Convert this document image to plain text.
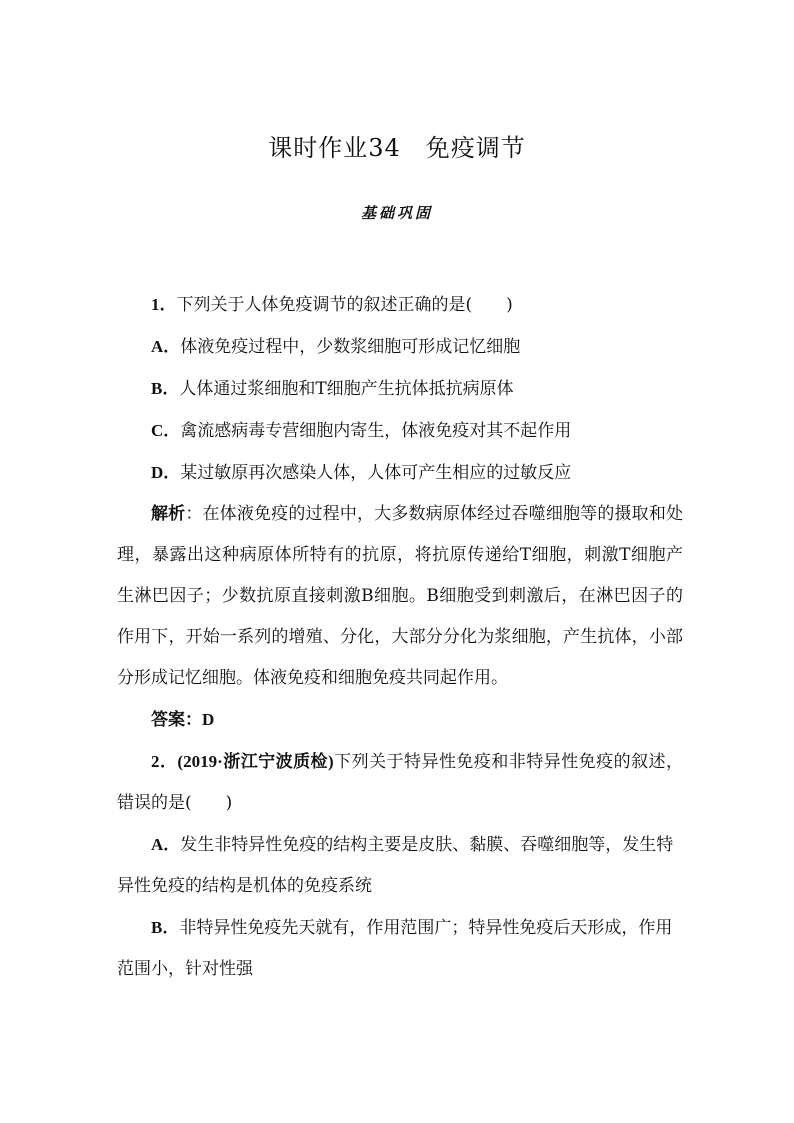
课时作业34　免疫调节
基础巩固

1．下列关于人体免疫调节的叙述正确的是(　　)

A．体液免疫过程中，少数浆细胞可形成记忆细胞

B．人体通过浆细胞和T细胞产生抗体抵抗病原体

C．禽流感病毒专营细胞内寄生，体液免疫对其不起作用

D．某过敏原再次感染人体，人体可产生相应的过敏反应

解析：在体液免疫的过程中，大多数病原体经过吞噬细胞等的摄取和处理，暴露出这种病原体所特有的抗原，将抗原传递给T细胞，刺激T细胞产生淋巴因子；少数抗原直接刺激B细胞。B细胞受到刺激后，在淋巴因子的作用下，开始一系列的增殖、分化，大部分分化为浆细胞，产生抗体，小部分形成记忆细胞。体液免疫和细胞免疫共同起作用。

答案：D

2．(2019·浙江宁波质检)下列关于特异性免疫和非特异性免疫的叙述，错误的是(　　)

A．发生非特异性免疫的结构主要是皮肤、黏膜、吞噬细胞等，发生特异性免疫的结构是机体的免疫系统

B．非特异性免疫先天就有，作用范围广；特异性免疫后天形成，作用范围小，针对性强
